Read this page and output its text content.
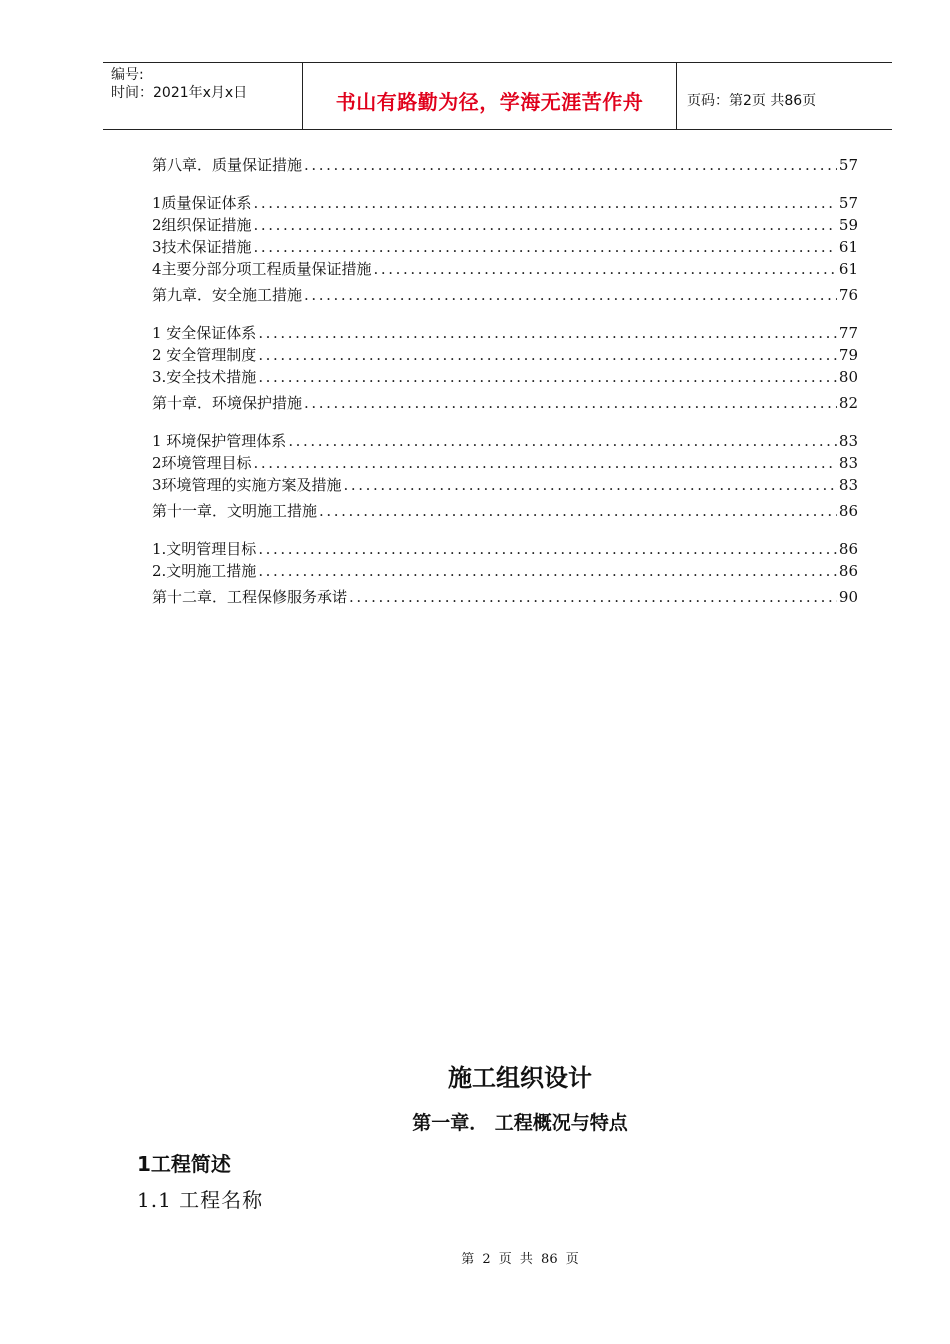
编号:
时间：2021年x月x日	书山有路勤为径，学海无涯苦作舟	页码：第2页 共86页
第八章．质量保证措施 .....	57
1质量保证体系 .....	57
2组织保证措施 .....	59
3技术保证措施 .....	61
4主要分部分项工程质量保证措施 .....	61
第九章．安全施工措施 .....	76
1 安全保证体系 .....	77
2 安全管理制度 .....	79
3.安全技术措施 .....	80
第十章．环境保护措施 .....	82
1 环境保护管理体系 .....	83
2环境管理目标 .....	83
3环境管理的实施方案及措施 .....	83
第十一章．文明施工措施 .....	86
1.文明管理目标 .....	86
2.文明施工措施 .....	86
第十二章．工程保修服务承诺 .....	90
施工组织设计
第一章． 工程概况与特点
1工程简述
1.1 工程名称
第 2 页 共 86 页
